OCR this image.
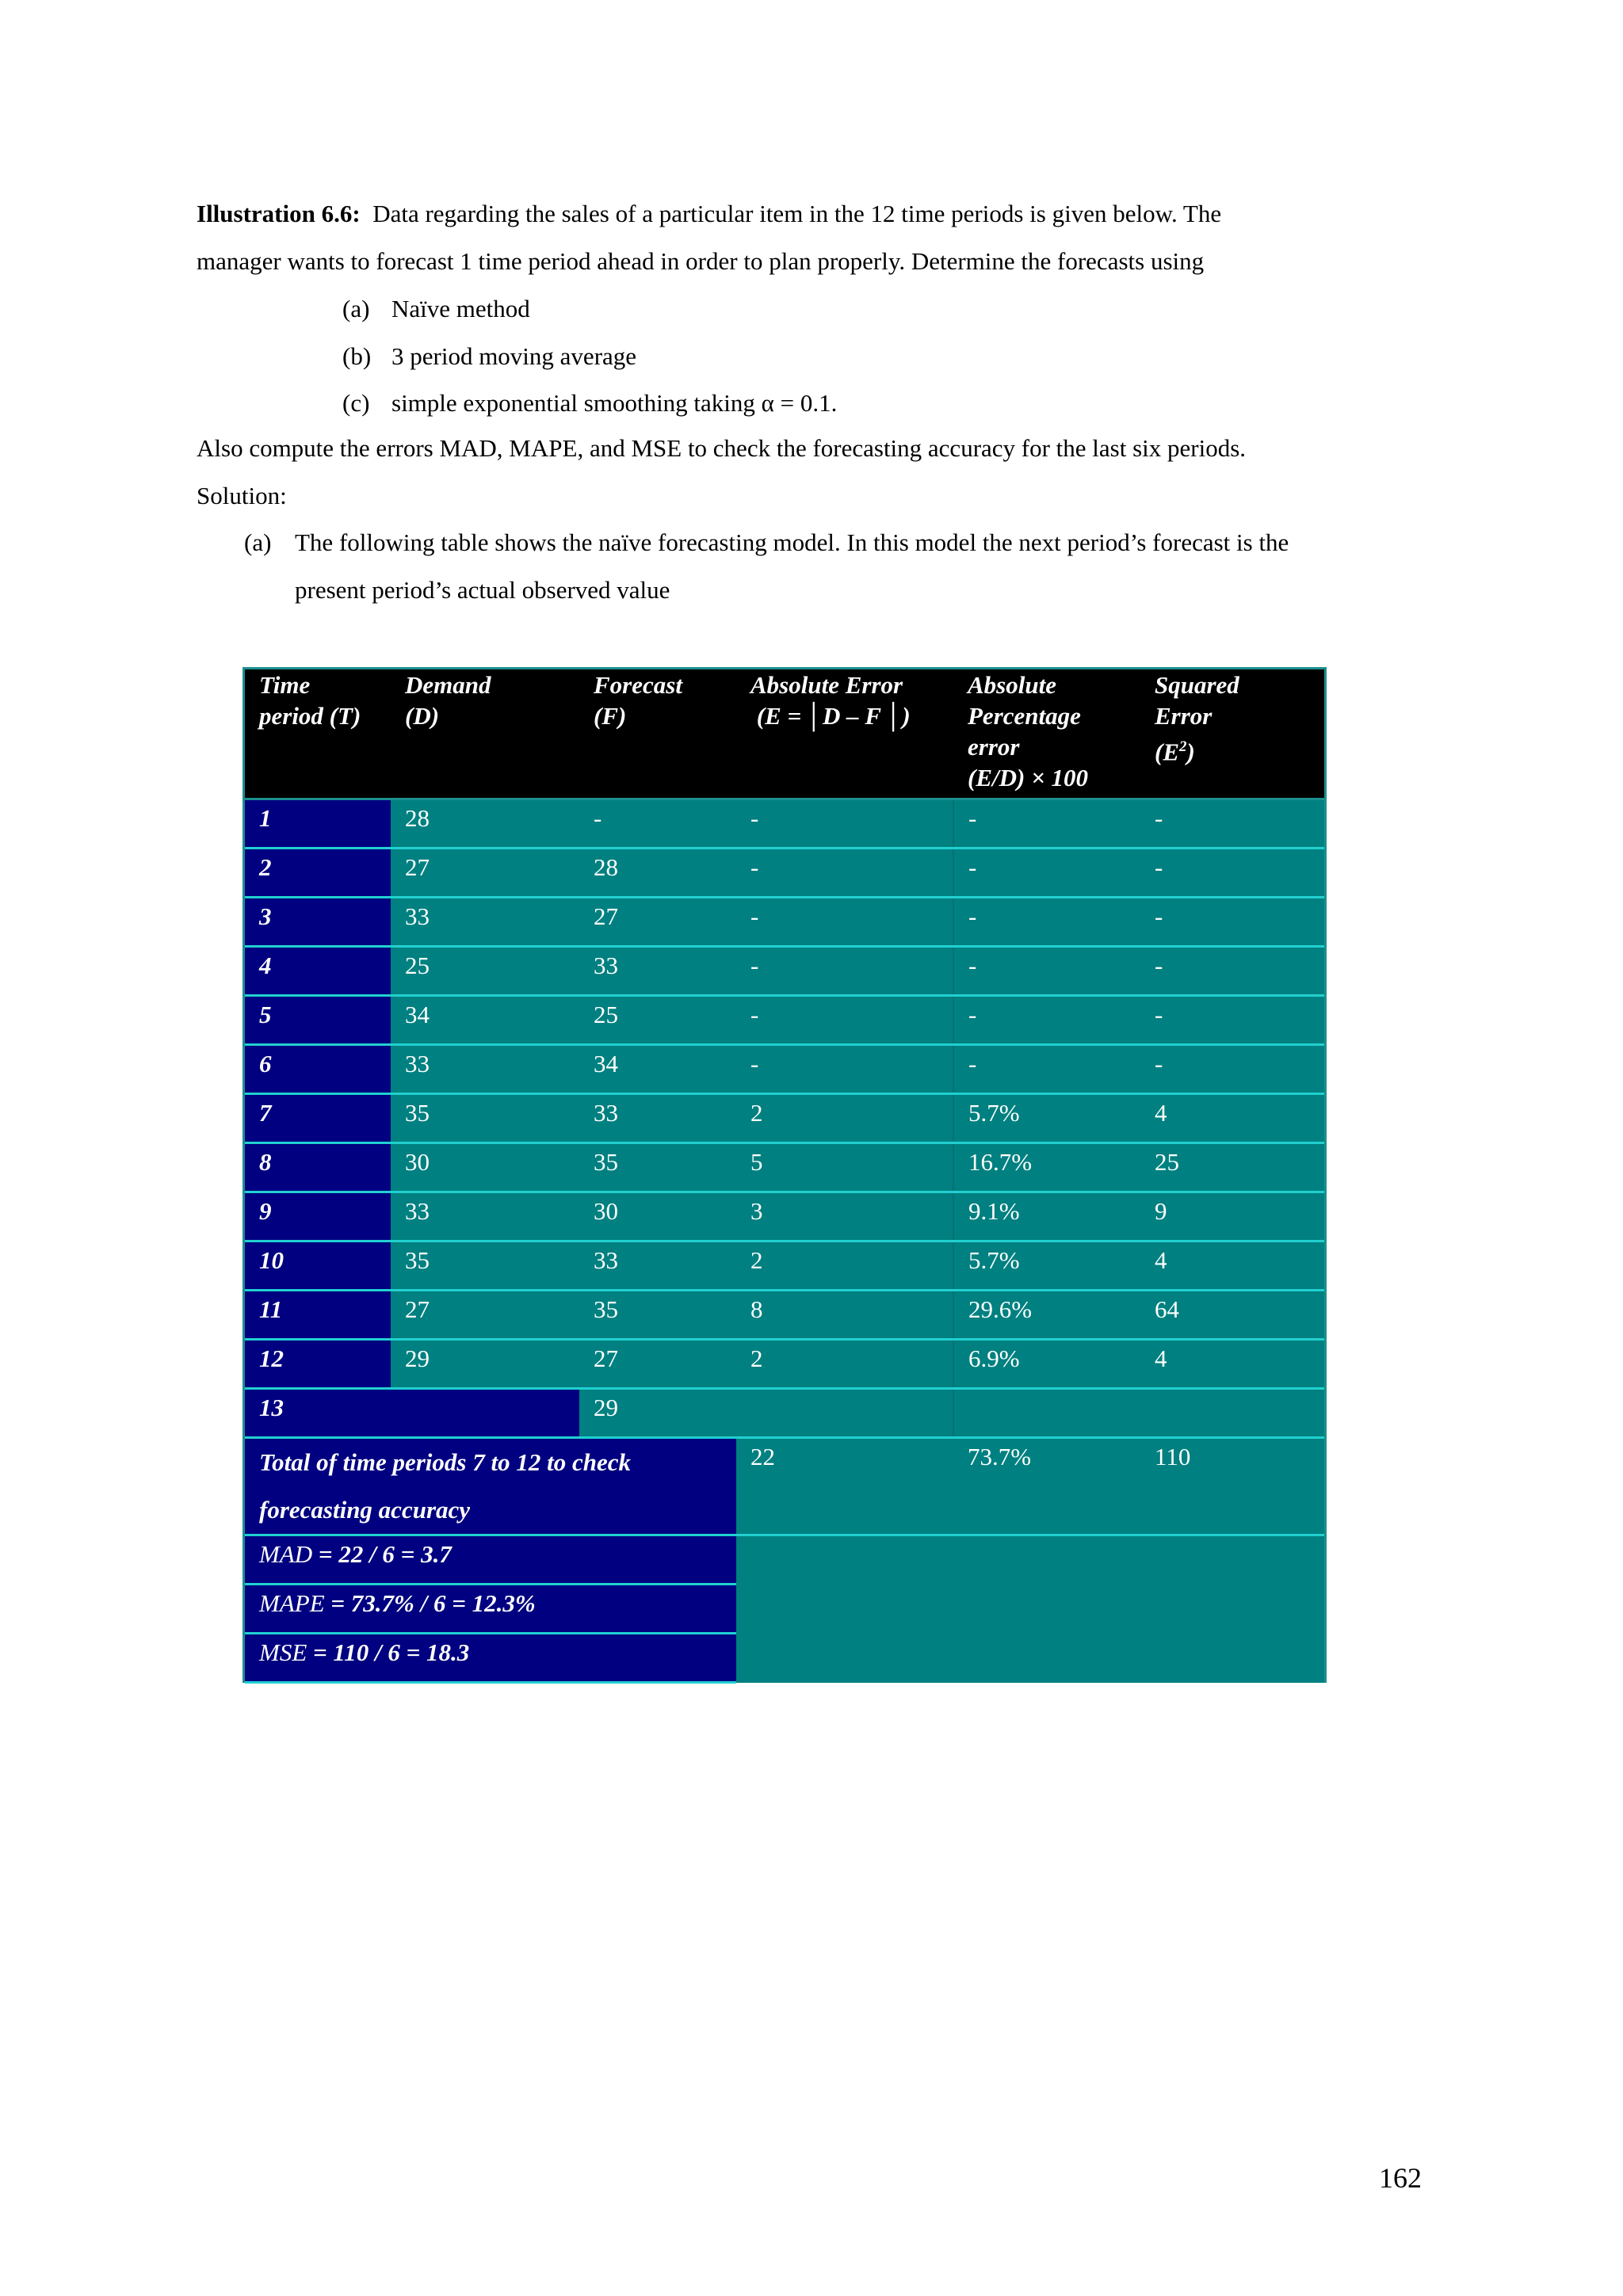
Illustration 6.6: Data regarding the sales of a particular item in the 12 time periods is given below. The

manager wants to forecast 1 time period ahead in order to plan properly. Determine the forecasts using

(a) Naïve method
(b) 3 period moving average
(c) simple exponential smoothing taking α = 0.1.

Also compute the errors MAD, MAPE, and MSE to check the forecasting accuracy for the last six periods.

Solution:

(a) The following table shows the naïve forecasting model. In this model the next period’s forecast is the
present period’s actual observed value
Time
period (T)	Demand
(D)	Forecast
(F)	Absolute Error
(E = │D – F │)	Absolute
Percentage
error
(E/D) × 100	Squared
Error
$(E^2)$
1	28	-	-	-	-
2	27	28	-	-	-
3	33	27	-	-	-
4	25	33	-	-	-
5	34	25	-	-	-
6	33	34	-	-	-
7	35	33	2	5.7%	4
8	30	35	5	16.7%	25
9	33	30	3	9.1%	9
10	35	33	2	5.7%	4
11	27	35	8	29.6%	64
12	29	27	2	6.9%	4
13		29			
Total of time periods 7 to 12 to check forecasting accuracy			22	73.7%	110
MAD = 22 / 6 = 3.7					
MAPE = 73.7% / 6 = 12.3%					
MSE = 110 / 6 = 18.3					
162
